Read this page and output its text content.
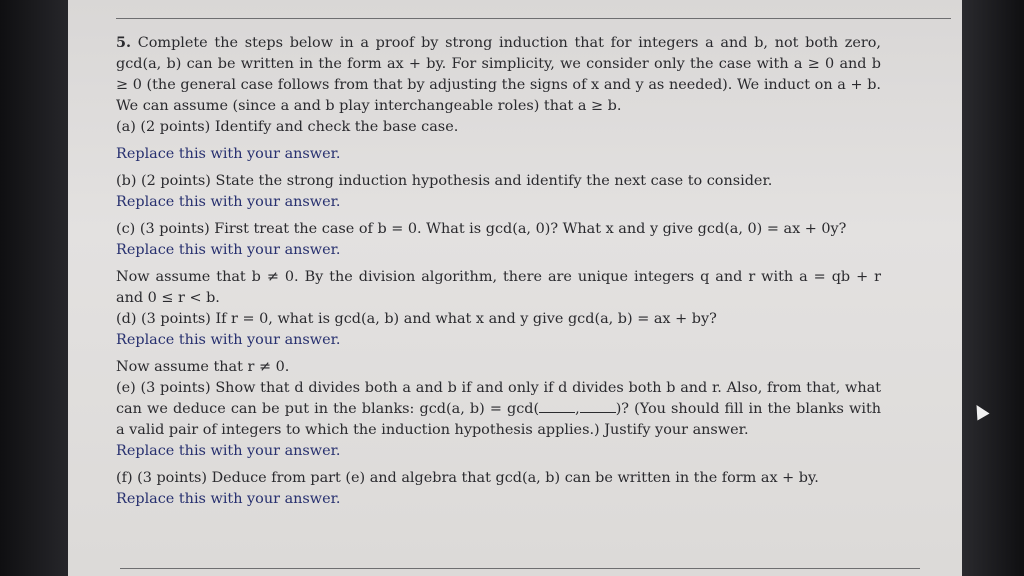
5. Complete the steps below in a proof by strong induction that for integers a and b, not both zero, gcd(a, b) can be written in the form ax + by. For simplicity, we consider only the case with a ≥ 0 and b ≥ 0 (the general case follows from that by adjusting the signs of x and y as needed). We induct on a + b. We can assume (since a and b play interchangeable roles) that a ≥ b.

(a) (2 points) Identify and check the base case.

Replace this with your answer.

(b) (2 points) State the strong induction hypothesis and identify the next case to consider.

Replace this with your answer.

(c) (3 points) First treat the case of b = 0. What is gcd(a, 0)? What x and y give gcd(a, 0) = ax + 0y?

Replace this with your answer.

Now assume that b ≠ 0. By the division algorithm, there are unique integers q and r with a = qb + r and 0 ≤ r < b.

(d) (3 points) If r = 0, what is gcd(a, b) and what x and y give gcd(a, b) = ax + by?

Replace this with your answer.

Now assume that r ≠ 0.

(e) (3 points) Show that d divides both a and b if and only if d divides both b and r. Also, from that, what can we deduce can be put in the blanks: gcd(a, b) = gcd(	,	)? (You should fill in the blanks with a valid pair of integers to which the induction hypothesis applies.) Justify your answer.

Replace this with your answer.

(f) (3 points) Deduce from part (e) and algebra that gcd(a, b) can be written in the form ax + by.

Replace this with your answer.
